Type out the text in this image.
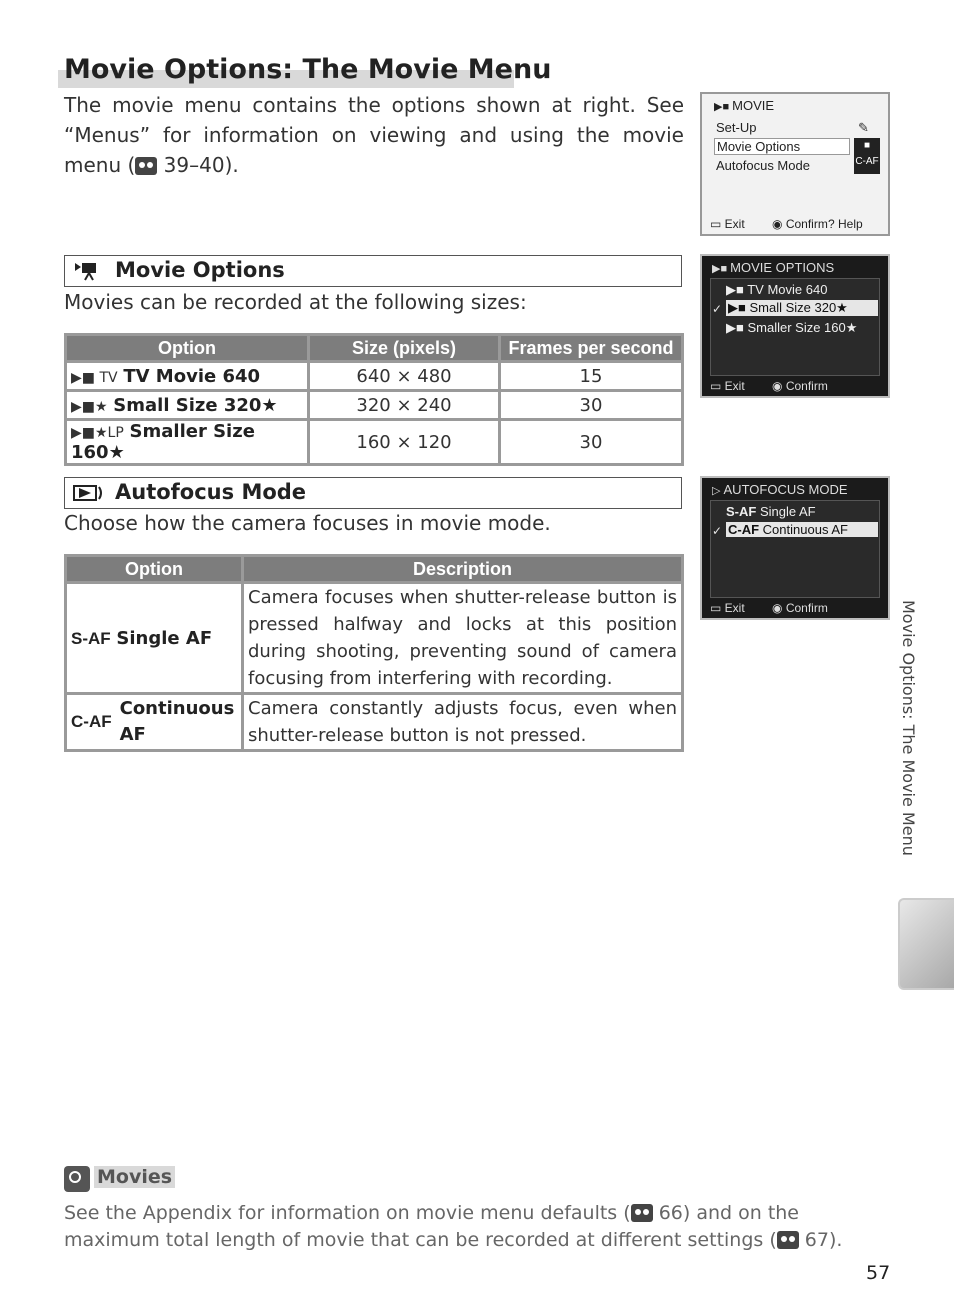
Movie Options: The Movie Menu
The movie menu contains the options shown at right. See “Menus” for information on viewing and using the movie menu ( 39–40).
▶■ MOVIE
Set-Up
Movie Options
Autofocus Mode
✎
■
C-AF
▭ Exit ◉ Confirm ? Help
Movie Options
Movies can be recorded at the following sizes:
Option	Size (pixels)	Frames per second
▶■ TV TV Movie 640	640 × 480	15
▶■★ Small Size 320★	320 × 240	30
▶■★LP Smaller Size 160★	160 × 120	30
▶■ MOVIE OPTIONS
▶■ TV Movie 640
✓ ▶■ Small Size 320★
▶■ Smaller Size 160★
▭ Exit ◉ Confirm
Autofocus Mode
Choose how the camera focuses in movie mode.
Option	Description
S-AF Single AF	Camera focuses when shutter-release button is pressed halfway and locks at this position during shooting, preventing sound of camera focusing from interfering with recording.

C-AF
Continuous AF	Camera constantly adjusts focus, even when shutter-release button is not pressed.
▷ AUTOFOCUS MODE
S-AF Single AF
✓ C-AF Continuous AF
▭ Exit ◉ Confirm	Movie Options: The Movie Menu
Movies
See the Appendix for information on movie menu defaults ( 66) and on the maximum total length of movie that can be recorded at different settings ( 67).
57
